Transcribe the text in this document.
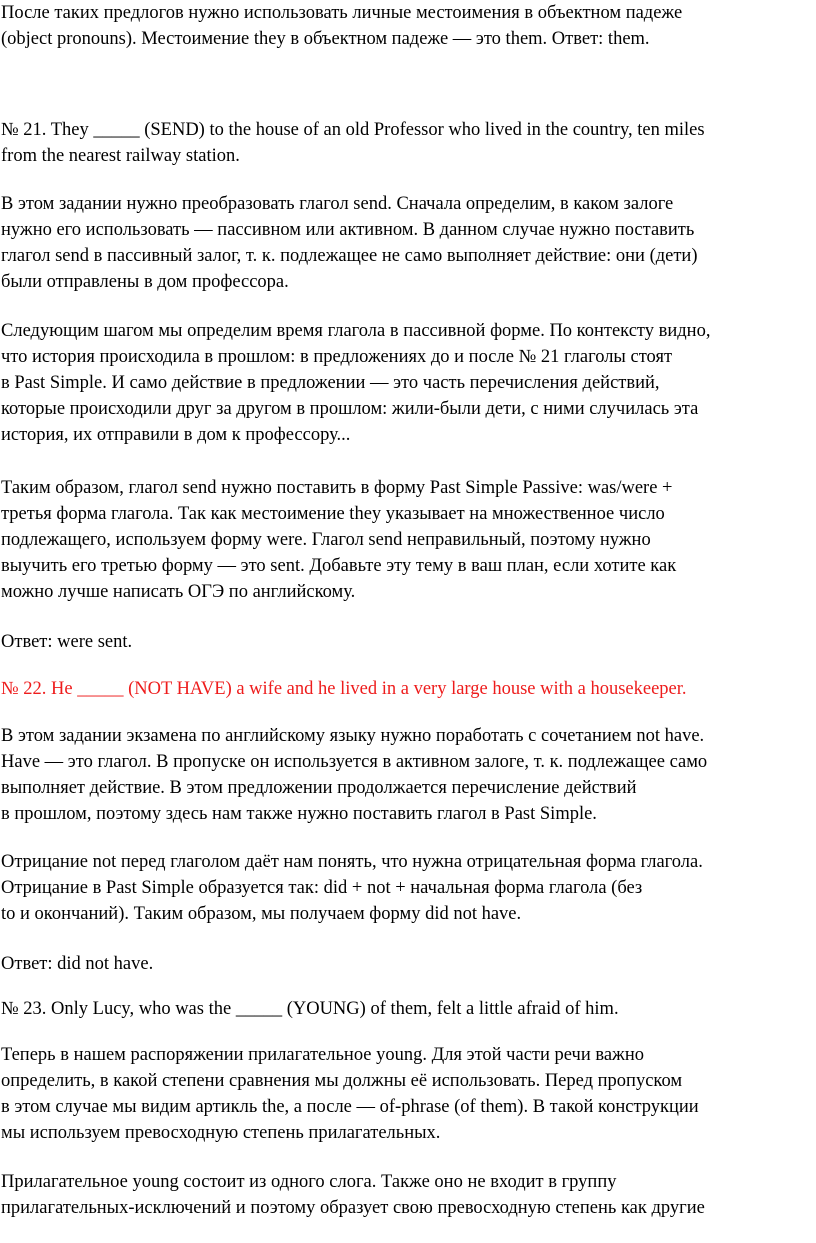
После таких предлогов нужно использовать личные местоимения в объектном падеже
(object pronouns). Местоимение they в объектном падеже — это them. Ответ: them.

№ 21. They _____ (SEND) to the house of an old Professor who lived in the country, ten miles
from the nearest railway station.

В этом задании нужно преобразовать глагол send. Сначала определим, в каком залоге
нужно его использовать — пассивном или активном. В данном случае нужно поставить
глагол send в пассивный залог, т. к. подлежащее не само выполняет действие: они (дети)
были отправлены в дом профессора.

Следующим шагом мы определим время глагола в пассивной форме. По контексту видно,
что история происходила в прошлом: в предложениях до и после № 21 глаголы стоят
в Past Simple. И само действие в предложении — это часть перечисления действий,
которые происходили друг за другом в прошлом: жили-были дети, с ними случилась эта
история, их отправили в дом к профессору...

Таким образом, глагол send нужно поставить в форму Past Simple Passive: was/were +
третья форма глагола. Так как местоимение they указывает на множественное число
подлежащего, используем форму were. Глагол send неправильный, поэтому нужно
выучить его третью форму — это sent. Добавьте эту тему в ваш план, если хотите как
можно лучше написать ОГЭ по английскому.

Ответ: were sent.

№ 22. He _____ (NOT HAVE) a wife and he lived in a very large house with a housekeeper.

В этом задании экзамена по английскому языку нужно поработать с сочетанием not have.
Have — это глагол. В пропуске он используется в активном залоге, т. к. подлежащее само
выполняет действие. В этом предложении продолжается перечисление действий
в прошлом, поэтому здесь нам также нужно поставить глагол в Past Simple.

Отрицание not перед глаголом даёт нам понять, что нужна отрицательная форма глагола.
Отрицание в Past Simple образуется так: did + not + начальная форма глагола (без
to и окончаний). Таким образом, мы получаем форму did not have.

Ответ: did not have.

№ 23. Only Lucy, who was the _____ (YOUNG) of them, felt a little afraid of him.

Теперь в нашем распоряжении прилагательное young. Для этой части речи важно
определить, в какой степени сравнения мы должны её использовать. Перед пропуском
в этом случае мы видим артикль the, а после — of-phrase (of them). В такой конструкции
мы используем превосходную степень прилагательных.

Прилагательное young состоит из одного слога. Также оно не входит в группу
прилагательных-исключений и поэтому образует свою превосходную степень как другие
